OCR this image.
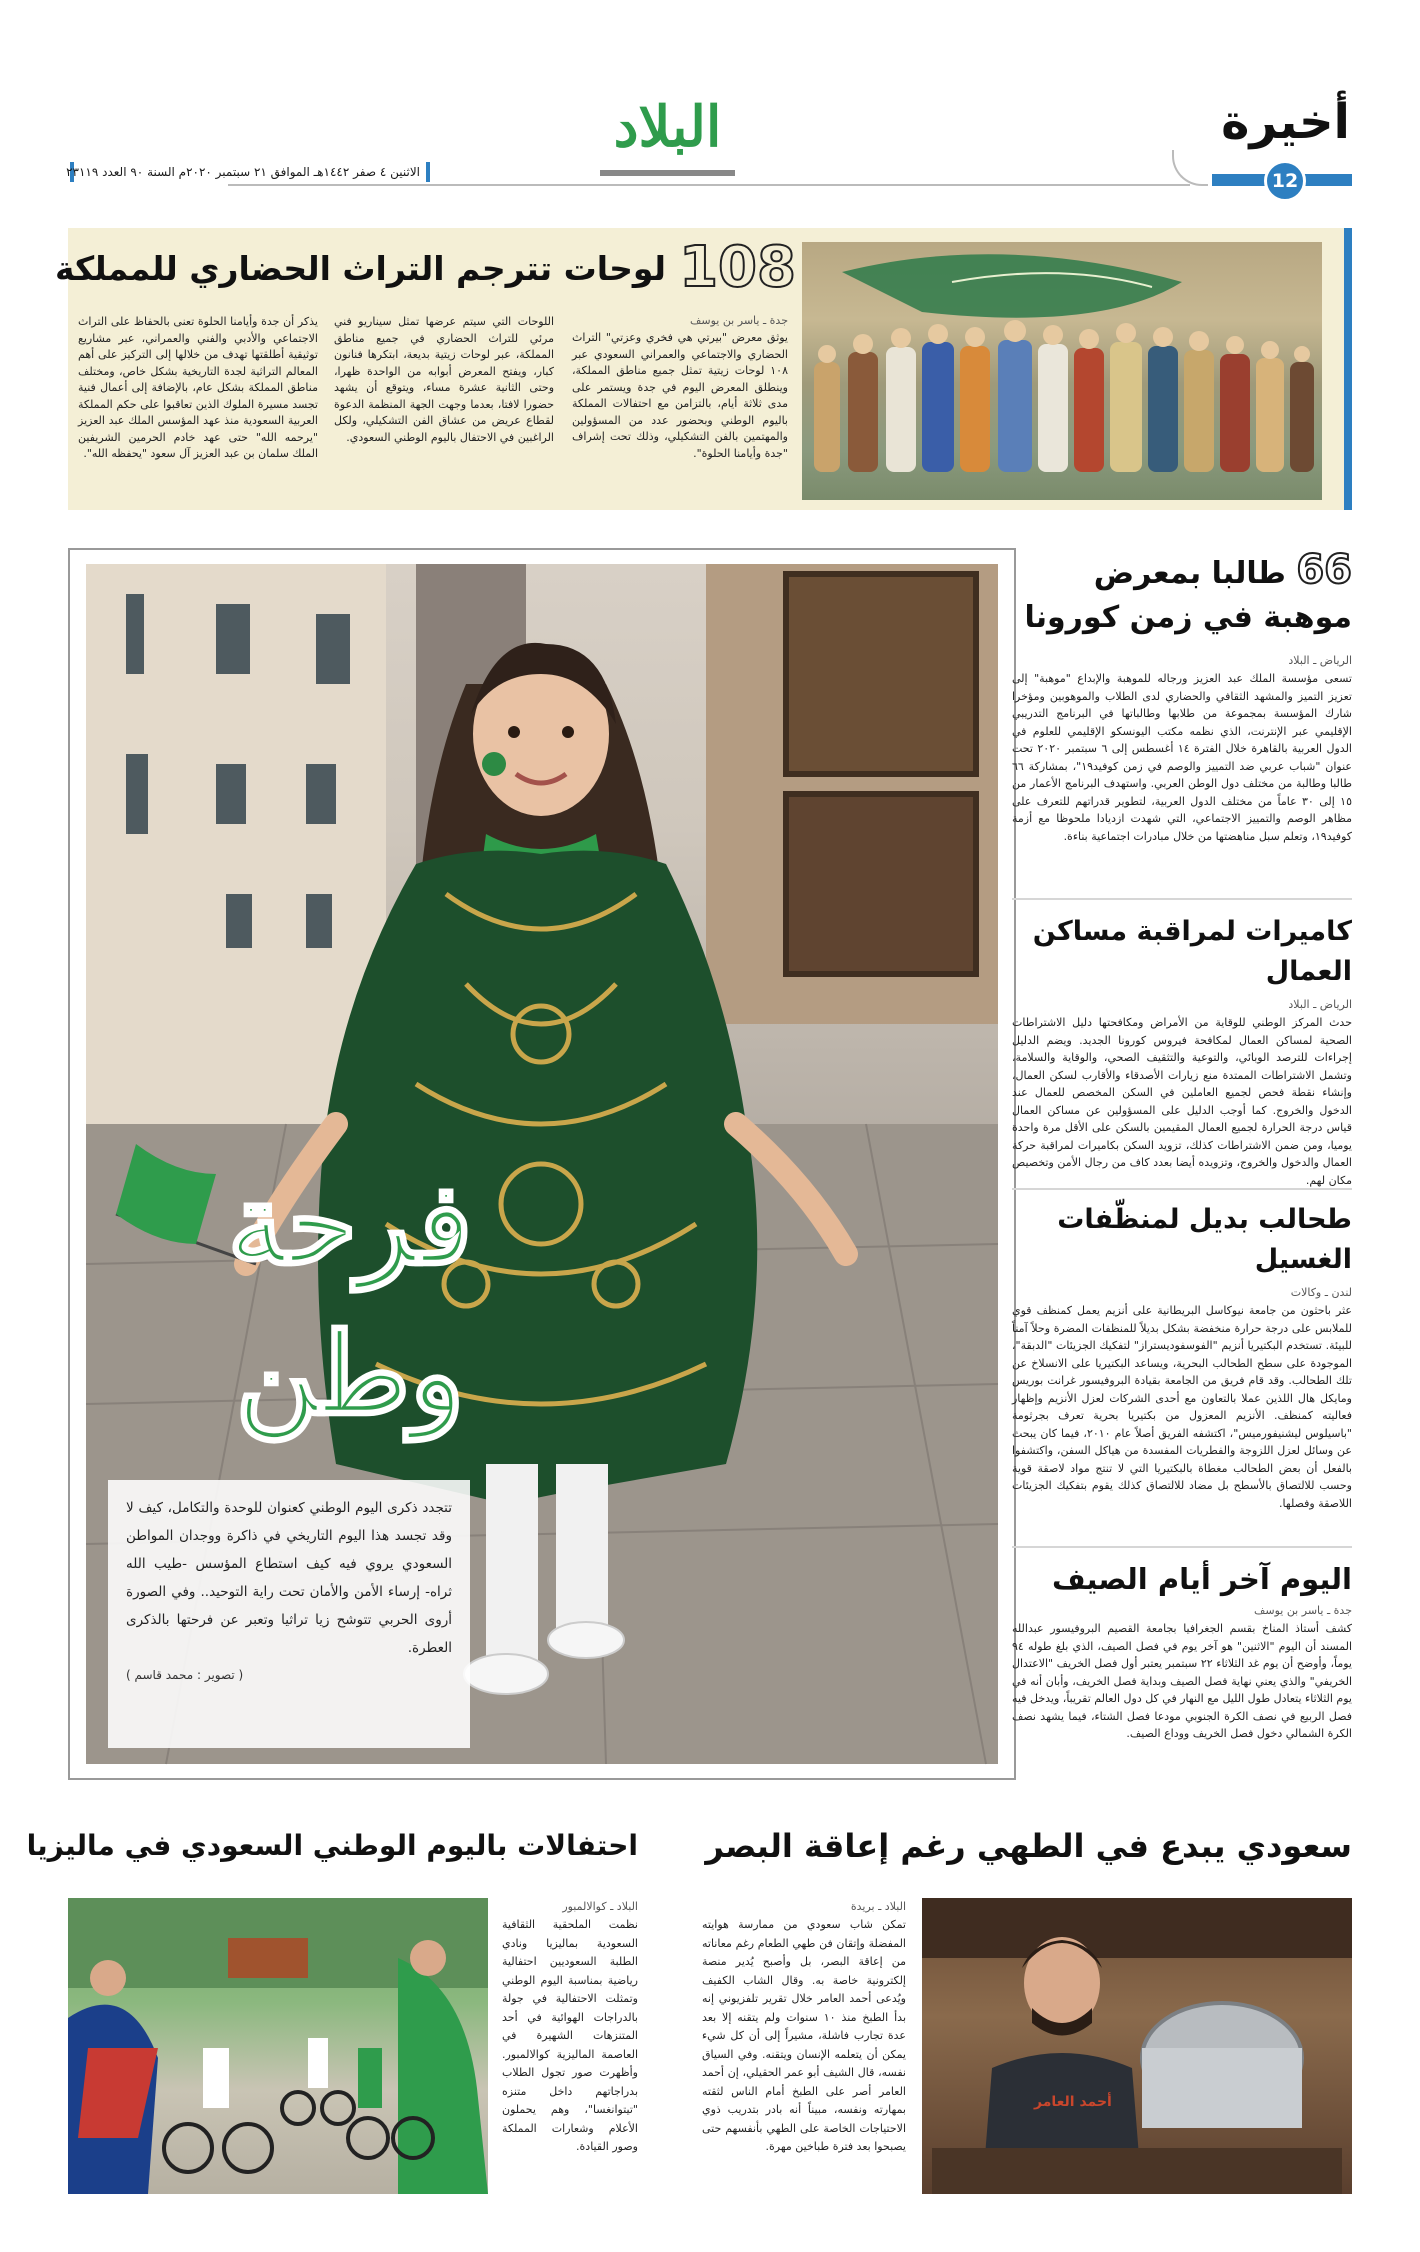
أخيرة
12
البلاد
الاثنين ٤ صفر ١٤٤٢هـ الموافق ٢١ سبتمبر ٢٠٢٠م السنة ٩٠ العدد ٢٣١١٩
108
لوحات تترجم التراث الحضاري للمملكة
جدة ـ ياسر بن يوسف
يوثق معرض "بيرتي هي فخري وعزتي" التراث الحضاري والاجتماعي والعمراني السعودي عبر ١٠٨ لوحات زيتية تمثل جميع مناطق المملكة، وينطلق المعرض اليوم في جدة ويستمر على مدى ثلاثة أيام، بالتزامن مع احتفالات المملكة باليوم الوطني وبحضور عدد من المسؤولين والمهتمين بالفن التشكيلي، وذلك تحت إشراف "جدة وأيامنا الحلوة".
اللوحات التي سيتم عرضها تمثل سيناريو فني مرئي للتراث الحضاري في جميع مناطق المملكة، عبر لوحات زيتية بديعة، ابتكرها فنانون كبار، ويفتح المعرض أبوابه من الواحدة ظهرا، وحتى الثانية عشرة مساء، ويتوقع أن يشهد حضورا لافتا، بعدما وجهت الجهة المنظمة الدعوة لقطاع عريض من عشاق الفن التشكيلي، ولكل الراغبين في الاحتفال باليوم الوطني السعودي.
يذكر أن جدة وأيامنا الحلوة تعنى بالحفاظ على التراث الاجتماعي والأدبي والفني والعمراني، عبر مشاريع توثيقية أطلقتها تهدف من خلالها إلى التركيز على أهم المعالم التراثية لجدة التاريخية بشكل خاص، ومختلف مناطق المملكة بشكل عام، بالإضافة إلى أعمال فنية تجسد مسيرة الملوك الذين تعاقبوا على حكم المملكة العربية السعودية منذ عهد المؤسس الملك عبد العزيز "يرحمه الله" حتى عهد خادم الحرمين الشريفين الملك سلمان بن عبد العزيز آل سعود "يحفظه الله".
فرحة
وطن
تتجدد ذكرى اليوم الوطني كعنوان للوحدة والتكامل، كيف لا وقد تجسد هذا اليوم التاريخي في ذاكرة ووجدان المواطن السعودي يروي فيه كيف استطاع المؤسس -طيب الله ثراه- إرساء الأمن والأمان تحت راية التوحيد.. وفي الصورة أروى الحربي تتوشح زيا تراثيا وتعبر عن فرحتها بالذكرى العطرة.
( تصوير : محمد قاسم )
66 طالبا بمعرض موهبة في زمن كورونا
الرياض ـ البلاد
تسعى مؤسسة الملك عبد العزيز ورجاله للموهبة والإبداع "موهبة" إلى تعزيز التميز والمشهد الثقافي والحضاري لدى الطلاب والموهوبين ومؤخرا شارك المؤسسة بمجموعة من طلابها وطالباتها في البرنامج التدريبي الإقليمي عبر الإنترنت، الذي نظمه مكتب اليونسكو الإقليمي للعلوم في الدول العربية بالقاهرة خلال الفترة ١٤ أغسطس إلى ٦ سبتمبر ٢٠٢٠ تحت عنوان "شباب عربي ضد التمييز والوصم في زمن كوفيد١٩"، بمشاركة ٦٦ طالبا وطالبة من مختلف دول الوطن العربي. واستهدف البرنامج الأعمار من ١٥ إلى ٣٠ عاماً من مختلف الدول العربية، لتطوير قدراتهم للتعرف على مظاهر الوصم والتمييز الاجتماعي، التي شهدت ازديادا ملحوظا مع أزمة كوفيد١٩، وتعلم سبل مناهضتها من خلال مبادرات اجتماعية بناءة.
كاميرات لمراقبة مساكن العمال
الرياض ـ البلاد
حدث المركز الوطني للوقاية من الأمراض ومكافحتها دليل الاشتراطات الصحية لمساكن العمال لمكافحة فيروس كورونا الجديد. ويضم الدليل إجراءات للترصد الوبائي، والتوعية والتثقيف الصحي، والوقاية والسلامة، وتشمل الاشتراطات الممتدة منع زيارات الأصدقاء والأقارب لسكن العمال، وإنشاء نقطة فحص لجميع العاملين في السكن المخصص للعمال عند الدخول والخروج. كما أوجب الدليل على المسؤولين عن مساكن العمال قياس درجة الحرارة لجميع العمال المقيمين بالسكن على الأقل مرة واحدة يوميا، ومن ضمن الاشتراطات كذلك، تزويد السكن بكاميرات لمراقبة حركة العمال والدخول والخروج، وتزويده أيضا بعدد كاف من رجال الأمن وتخصيص مكان لهم.
طحالب بديل لمنظّفات الغسيل
لندن ـ وكالات
عثر باحثون من جامعة نيوكاسل البريطانية على أنزيم يعمل كمنظف قوي للملابس على درجة حرارة منخفضة بشكل بديلاً للمنظفات المضرة وحلاً آمناً للبيئة. تستخدم البكتيريا أنزيم "الفوسفوديستراز" لتفكيك الجزيئات "الدبقة"، الموجودة على سطح الطحالب البحرية، ويساعد البكتيريا على الانسلاخ عن تلك الطحالب. وقد قام فريق من الجامعة بقيادة البروفيسور غرانت بوريس ومايكل هال اللذين عملا بالتعاون مع أحدى الشركات لعزل الأنزيم وإظهار فعاليته كمنظف. الأنزيم المعزول من بكتيريا بحرية تعرف بجرثومة "باسيلوس ليشنيفورميس"، اكتشفه الفريق أصلاً عام ٢٠١٠، فيما كان يبحث عن وسائل لعزل اللزوجة والفطريات المفسدة من هياكل السفن، واكتشفوا بالفعل أن بعض الطحالب مغطاة بالبكتيريا التي لا تنتج مواد لاصقة قوية وحسب للالتصاق بالأسطح بل مضاد للالتصاق كذلك يقوم بتفكيك الجزيئات اللاصقة وفصلها.
اليوم آخر أيام الصيف
جدة ـ ياسر بن يوسف
كشف أستاذ المناخ بقسم الجغرافيا بجامعة القصيم البروفيسور عبدالله المسند أن اليوم "الاثنين" هو آخر يوم في فصل الصيف، الذي بلغ طوله ٩٤ يوماً، وأوضح أن يوم غد الثلاثاء ٢٢ سبتمبر يعتبر أول فصل الخريف "الاعتدال الخريفي" والذي يعني نهاية فصل الصيف وبداية فصل الخريف، وأبان أنه في يوم الثلاثاء يتعادل طول الليل مع النهار في كل دول العالم تقريباً، ويدخل فيه فصل الربيع في نصف الكرة الجنوبي مودعا فصل الشتاء، فيما يشهد نصف الكرة الشمالي دخول فصل الخريف ووداع الصيف.
سعودي يبدع في الطهي رغم إعاقة البصر
أحمد العامر
البلاد ـ بريدة
تمكن شاب سعودي من ممارسة هوايته المفضلة وإتقان فن طهي الطعام رغم معاناته من إعاقة البصر، بل وأصبح يُدير منصة إلكترونية خاصة به. وقال الشاب الكفيف ويُدعى أحمد العامر خلال تقرير تلفزيوني إنه بدأ الطبخ منذ ١٠ سنوات ولم يتقنه إلا بعد عدة تجارب فاشلة، مشيراً إلى أن كل شيء يمكن أن يتعلمه الإنسان ويتقنه. وفي السياق نفسه، قال الشيف أبو عمر الحقيلي، إن أحمد العامر أصر على الطبخ أمام الناس لثقته بمهارته ونفسه، مبيناً أنه بادر بتدريب ذوي الاحتياجات الخاصة على الطهي بأنفسهم حتى يصبحوا بعد فترة طباخين مهرة.
احتفالات باليوم الوطني السعودي في ماليزيا
البلاد ـ كوالالمبور
نظمت الملحقية الثقافية السعودية بماليزيا ونادي الطلبة السعوديين احتفالية رياضية بمناسبة اليوم الوطني وتمثلت الاحتفالية في جولة بالدراجات الهوائية في أحد المتنزهات الشهيرة في العاصمة الماليزية كوالالمبور. وأظهرت صور تجول الطلاب بدراجاتهم داخل متنزه "تيتوانغسا"، وهم يحملون الأعلام وشعارات المملكة وصور القيادة.
